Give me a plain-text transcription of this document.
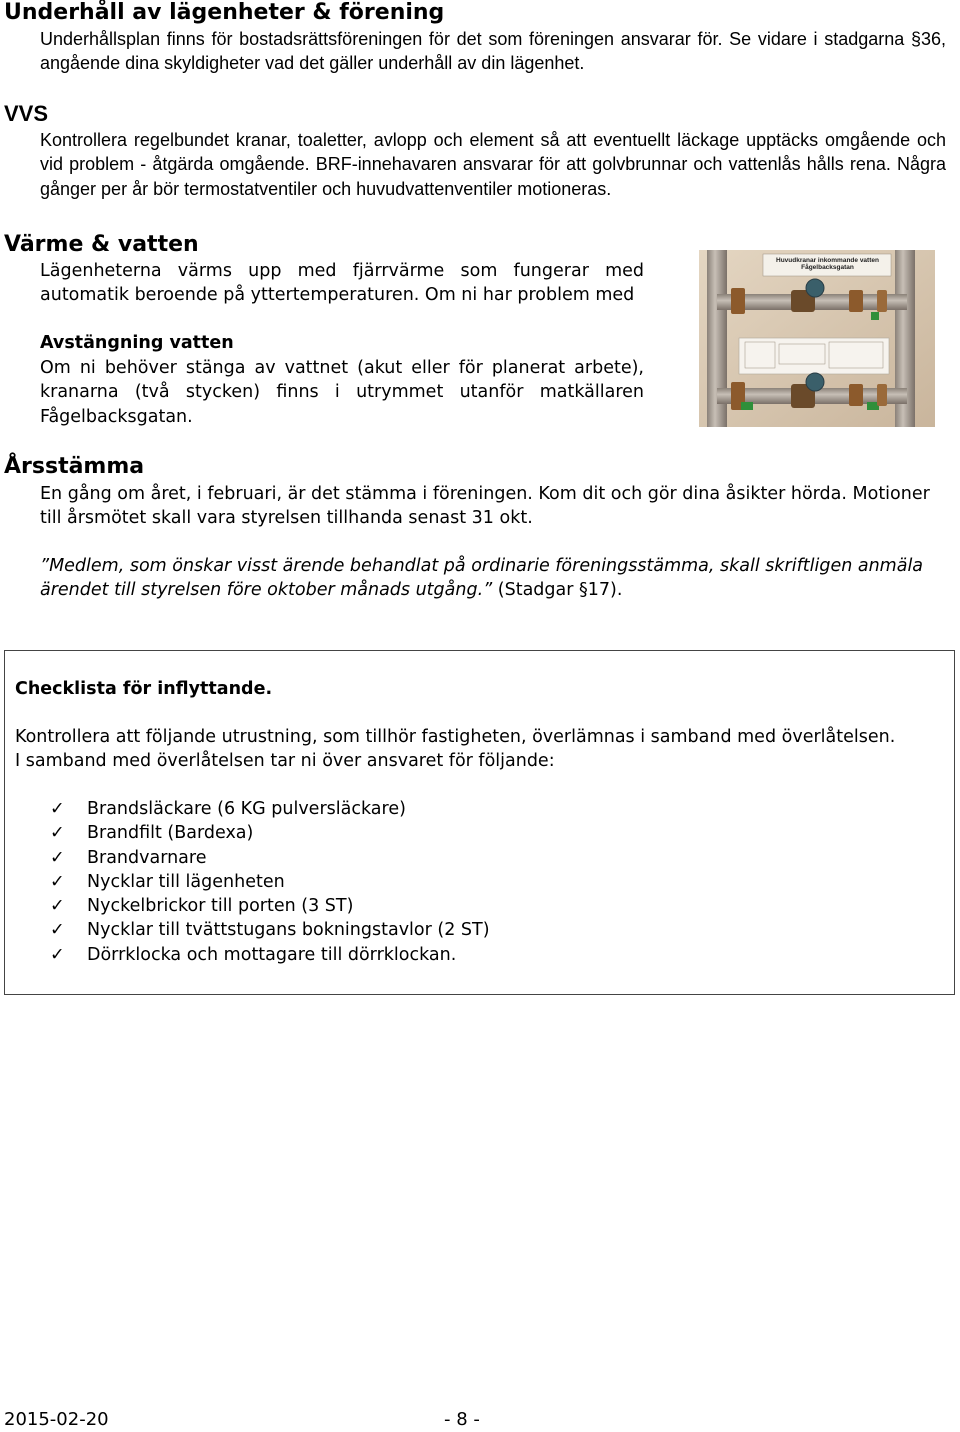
Underhåll av lägenheter & förening
Underhållsplan finns för bostadsrättsföreningen för det som föreningen ansvarar för. Se vidare i stadgarna §36, angående dina skyldigheter vad det gäller underhåll av din lägenhet.
VVS
Kontrollera regelbundet kranar, toaletter, avlopp och element så att eventuellt läckage upptäcks omgående och vid problem - åtgärda omgående. BRF-innehavaren ansvarar för att golvbrunnar och vattenlås hålls rena. Några gånger per år bör termostatventiler och huvudvattenventiler motioneras.
Värme & vatten
Lägenheterna värms upp med fjärrvärme som fungerar med automatik beroende på yttertemperaturen. Om ni har problem med
Avstängning vatten
Om ni behöver stänga av vattnet (akut eller för planerat arbete), kranarna (två stycken) finns i utrymmet utanför matkällaren Fågelbacksgatan.
Huvudkranar inkommande vatten
Fågelbacksgatan
Årsstämma
En gång om året, i februari, är det stämma i föreningen. Kom dit och gör dina åsikter hörda. Motioner till årsmötet skall vara styrelsen tillhanda senast 31 okt.
”Medlem, som önskar visst ärende behandlat på ordinarie föreningsstämma, skall skriftligen anmäla ärendet till styrelsen före oktober månads utgång.” (Stadgar §17).
Checklista för inflyttande.
Kontrollera att följande utrustning, som tillhör fastigheten, överlämnas i samband med överlåtelsen.
I samband med överlåtelsen tar ni över ansvaret för följande:
✓ Brandsläckare (6 KG pulversläckare)
✓ Brandfilt (Bardexa)
✓ Brandvarnare
✓ Nycklar till lägenheten
✓ Nyckelbrickor till porten (3 ST)
✓ Nycklar till tvättstugans bokningstavlor (2 ST)
✓ Dörrklocka och mottagare till dörrklockan.
2015-02-20	- 8 -
